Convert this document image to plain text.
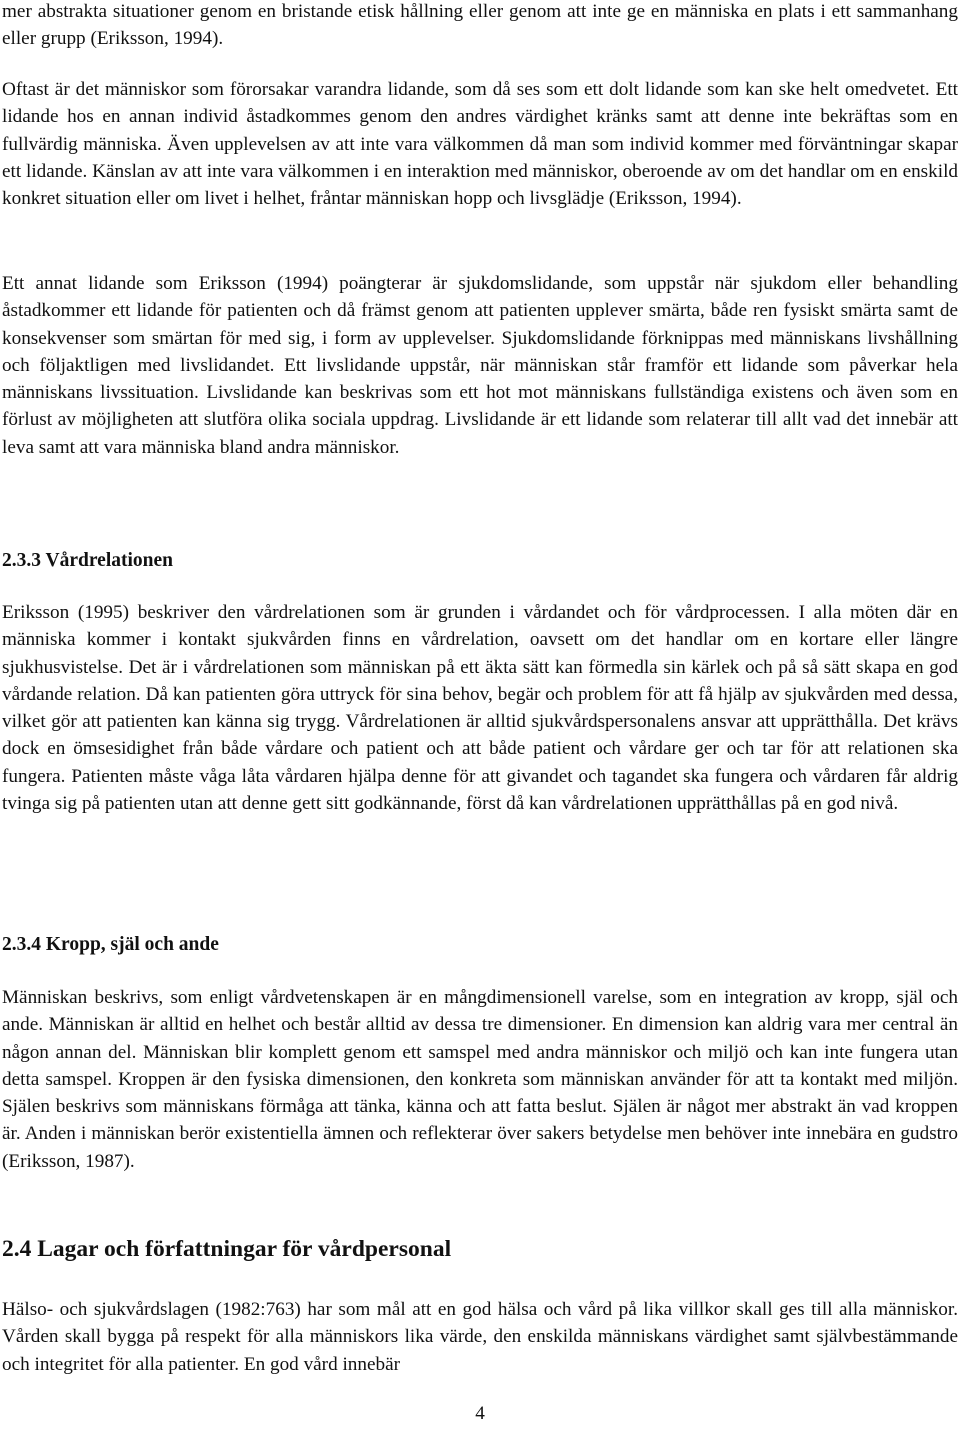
mer abstrakta situationer genom en bristande etisk hållning eller genom att inte ge en människa en plats i ett sammanhang eller grupp (Eriksson, 1994).

Oftast är det människor som förorsakar varandra lidande, som då ses som ett dolt lidande som kan ske helt omedvetet. Ett lidande hos en annan individ åstadkommes genom den andres värdighet kränks samt att denne inte bekräftas som en fullvärdig människa. Även upplevelsen av att inte vara välkommen då man som individ kommer med förväntningar skapar ett lidande. Känslan av att inte vara välkommen i en interaktion med människor, oberoende av om det handlar om en enskild konkret situation eller om livet i helhet, fråntar människan hopp och livsglädje (Eriksson, 1994).

Ett annat lidande som Eriksson (1994) poängterar är sjukdomslidande, som uppstår när sjukdom eller behandling åstadkommer ett lidande för patienten och då främst genom att patienten upplever smärta, både ren fysiskt smärta samt de konsekvenser som smärtan för med sig, i form av upplevelser. Sjukdomslidande förknippas med människans livshållning och följaktligen med livslidandet. Ett livslidande uppstår, när människan står framför ett lidande som påverkar hela människans livssituation. Livslidande kan beskrivas som ett hot mot människans fullständiga existens och även som en förlust av möjligheten att slutföra olika sociala uppdrag. Livslidande är ett lidande som relaterar till allt vad det innebär att leva samt att vara människa bland andra människor.

2.3.3 Vårdrelationen

Eriksson (1995) beskriver den vårdrelationen som är grunden i vårdandet och för vårdprocessen. I alla möten där en människa kommer i kontakt sjukvården finns en vårdrelation, oavsett om det handlar om en kortare eller längre sjukhusvistelse. Det är i vårdrelationen som människan på ett äkta sätt kan förmedla sin kärlek och på så sätt skapa en god vårdande relation. Då kan patienten göra uttryck för sina behov, begär och problem för att få hjälp av sjukvården med dessa, vilket gör att patienten kan känna sig trygg. Vårdrelationen är alltid sjukvårdspersonalens ansvar att upprätthålla. Det krävs dock en ömsesidighet från både vårdare och patient och att både patient och vårdare ger och tar för att relationen ska fungera. Patienten måste våga låta vårdaren hjälpa denne för att givandet och tagandet ska fungera och vårdaren får aldrig tvinga sig på patienten utan att denne gett sitt godkännande, först då kan vårdrelationen upprätthållas på en god nivå.

2.3.4 Kropp, själ och ande

Människan beskrivs, som enligt vårdvetenskapen är en mångdimensionell varelse, som en integration av kropp, själ och ande. Människan är alltid en helhet och består alltid av dessa tre dimensioner. En dimension kan aldrig vara mer central än någon annan del. Människan blir komplett genom ett samspel med andra människor och miljö och kan inte fungera utan detta samspel. Kroppen är den fysiska dimensionen, den konkreta som människan använder för att ta kontakt med miljön. Själen beskrivs som människans förmåga att tänka, känna och att fatta beslut. Själen är något mer abstrakt än vad kroppen är. Anden i människan berör existentiella ämnen och reflekterar över sakers betydelse men behöver inte innebära en gudstro (Eriksson, 1987).

2.4 Lagar och författningar för vårdpersonal

Hälso- och sjukvårdslagen (1982:763) har som mål att en god hälsa och vård på lika villkor skall ges till alla människor. Vården skall bygga på respekt för alla människors lika värde, den enskilda människans värdighet samt självbestämmande och integritet för alla patienter. En god vård innebär

4
